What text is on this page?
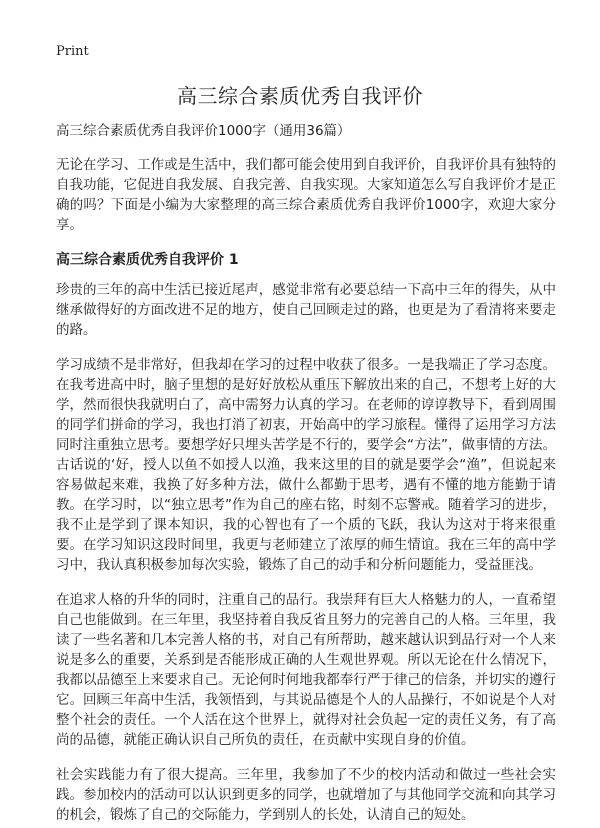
Print
高三综合素质优秀自我评价

高三综合素质优秀自我评价1000字（通用36篇）

无论在学习、工作或是生活中，我们都可能会使用到自我评价，自我评价具有独特的自我功能，它促进自我发展、自我完善、自我实现。大家知道怎么写自我评价才是正确的吗？下面是小编为大家整理的高三综合素质优秀自我评价1000字，欢迎大家分享。

高三综合素质优秀自我评价 1

珍贵的三年的高中生活已接近尾声，感觉非常有必要总结一下高中三年的得失，从中继承做得好的方面改进不足的地方，使自己回顾走过的路，也更是为了看清将来要走的路。

学习成绩不是非常好，但我却在学习的过程中收获了很多。一是我端正了学习态度。在我考进高中时，脑子里想的是好好放松从重压下解放出来的自己，不想考上好的大学，然而很快我就明白了，高中需努力认真的学习。在老师的谆谆教导下，看到周围的同学们拼命的学习，我也打消了初衷，开始高中的学习旅程。懂得了运用学习方法同时注重独立思考。要想学好只埋头苦学是不行的，要学会“方法”，做事情的方法。古话说的‘好，授人以鱼不如授人以渔，我来这里的目的就是要学会“渔”，但说起来容易做起来难，我换了好多种方法，做什么都勤于思考，遇有不懂的地方能勤于请教。在学习时，以“独立思考”作为自己的座右铭，时刻不忘警戒。随着学习的进步，我不止是学到了课本知识，我的心智也有了一个质的飞跃，我认为这对于将来很重要。在学习知识这段时间里，我更与老师建立了浓厚的师生情谊。我在三年的高中学习中，我认真积极参加每次实验，锻炼了自己的动手和分析问题能力，受益匪浅。

在追求人格的升华的同时，注重自己的品行。我崇拜有巨大人格魅力的人，一直希望自己也能做到。在三年里，我坚持着自我反省且努力的完善自己的人格。三年里，我读了一些名著和几本完善人格的书，对自己有所帮助，越来越认识到品行对一个人来说是多么的重要，关系到是否能形成正确的人生观世界观。所以无论在什么情况下，我都以品德至上来要求自己。无论何时何地我都奉行严于律己的信条，并切实的遵行它。回顾三年高中生活，我领悟到，与其说品德是个人的人品操行，不如说是个人对整个社会的责任。一个人活在这个世界上，就得对社会负起一定的责任义务，有了高尚的品德，就能正确认识自己所负的责任，在贡献中实现自身的价值。

社会实践能力有了很大提高。三年里，我参加了不少的校内活动和做过一些社会实践。参加校内的活动可以认识到更多的同学，也就增加了与其他同学交流和向其学习的机会，锻炼了自己的交际能力，学到别人的长处，认清自己的短处。
